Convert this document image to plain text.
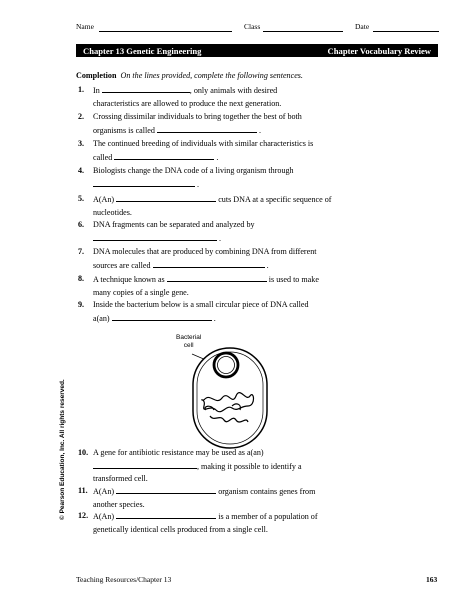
Name	Class	Date
Chapter 13 Genetic Engineering	Chapter Vocabulary Review
Completion On the lines provided, complete the following sentences.
1. In	, only animals with desired
characteristics are allowed to produce the next generation.
2. Crossing dissimilar individuals to bring together the best of both
organisms is called	.
3. The continued breeding of individuals with similar characteristics is
called	.
4. Biologists change the DNA code of a living organism through
.
5. A(An)	cuts DNA at a specific sequence of
nucleotides.
6. DNA fragments can be separated and analyzed by
.
7. DNA molecules that are produced by combining DNA from different
sources are called	.
8. A technique known as	is used to make
many copies of a single gene.
9. Inside the bacterium below is a small circular piece of DNA called
a(an)	.
Bacterial
cell
10. A gene for antibiotic resistance may be used as a(an)
, making it possible to identify a
transformed cell.
11. A(An)	organism contains genes from
another species.
12. A(An)	is a member of a population of
genetically identical cells produced from a single cell.
© Pearson Education, Inc. All rights reserved.
Teaching Resources/Chapter 13	163
